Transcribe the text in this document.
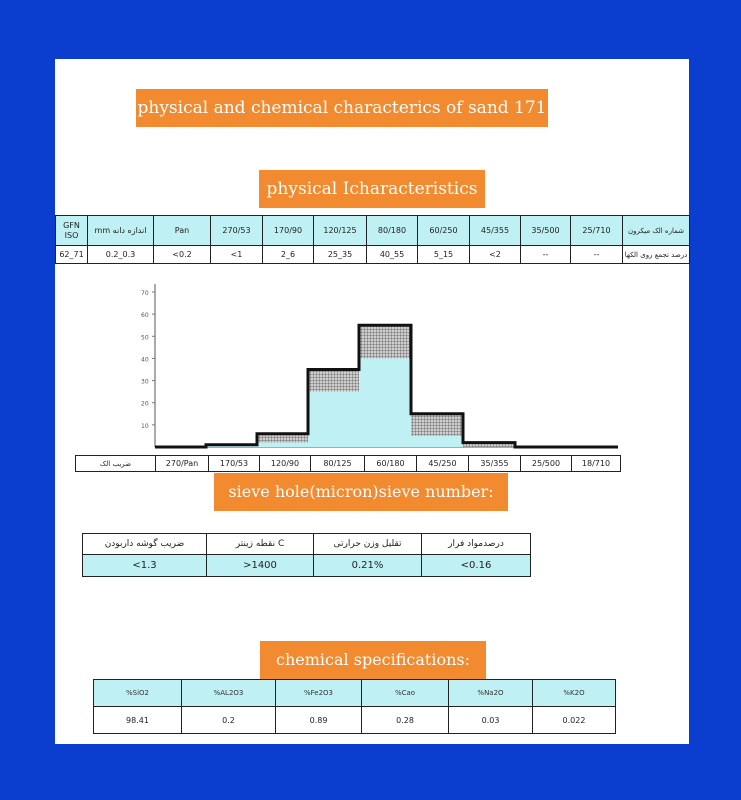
physical and chemical characterics of sand 171
physical Icharacteristics
GFN ISO	mm اندازه دانه	Pan	270/53	170/90	120/125	80/180	60/250	45/355	35/500	25/710	شماره الک میکرون
62_71	0.2_0.3	<0.2	<1	2_6	25_35	40_55	5_15	<2	--	--	درصد تجمع روی الکها
10
20
30
40
50
60
70
ضریب الک	270/Pan	170/53	120/90	80/125	60/180	45/250	35/355	25/500	18/710
sieve hole(micron)sieve number:
ضریب گوشه داربودن	نقطه زینتر C	تقلیل وزن حرارتی	درصدمواد فرار
<1.3	>1400	0.21%	<0.16
chemical specifications:
%SiO2	%AL2O3	%Fe2O3	%Cao	%Na2O	%K2O
98.41	0.2	0.89	0.28	0.03	0.022
